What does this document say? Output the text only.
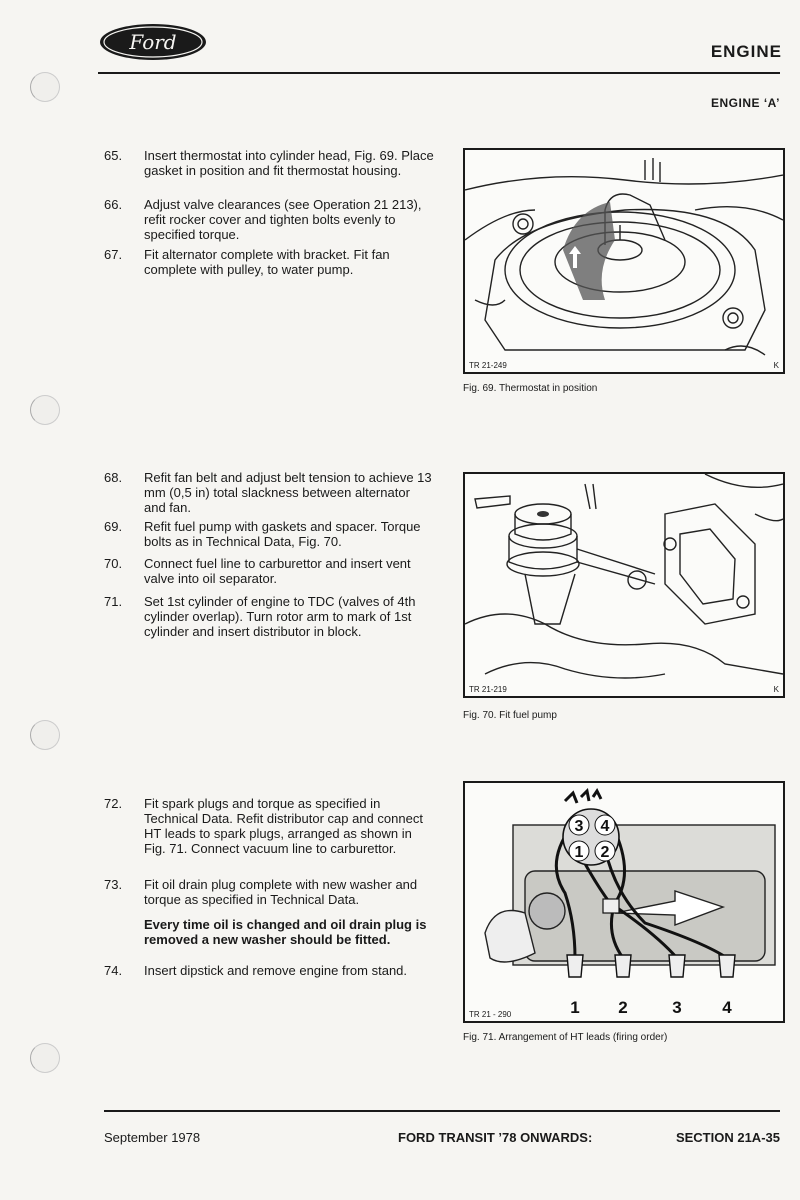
Ford	ENGINE
ENGINE ‘A’
65.	Insert thermostat into cylinder head, Fig. 69. Place gasket in position and fit thermostat housing.
66.	Adjust valve clearances (see Operation 21 213), refit rocker cover and tighten bolts evenly to specified torque.
67.	Fit alternator complete with bracket. Fit fan complete with pulley, to water pump.
68.	Refit fan belt and adjust belt tension to achieve 13 mm (0,5 in) total slackness between alternator and fan.
69.	Refit fuel pump with gaskets and spacer. Torque bolts as in Technical Data, Fig. 70.
70.	Connect fuel line to carburettor and insert vent valve into oil separator.
71.	Set 1st cylinder of engine to TDC (valves of 4th cylinder overlap). Turn rotor arm to mark of 1st cylinder and insert distributor in block.
72.	Fit spark plugs and torque as specified in Technical Data. Refit distributor cap and connect HT leads to spark plugs, arranged as shown in Fig. 71. Connect vacuum line to carburettor.
73.	Fit oil drain plug complete with new washer and torque as specified in Technical Data.
Every time oil is changed and oil drain plug is removed a new washer should be fitted.
74.	Insert dipstick and remove engine from stand.
TR 21-249	K
Fig. 69. Thermostat in position
TR 21-219	K
Fig. 70. Fit fuel pump
3 4
1 2
1 2	3 4
TR 21 - 290
Fig. 71. Arrangement of HT leads (firing order)
September 1978	FORD TRANSIT ’78 ONWARDS:	SECTION 21A-35
